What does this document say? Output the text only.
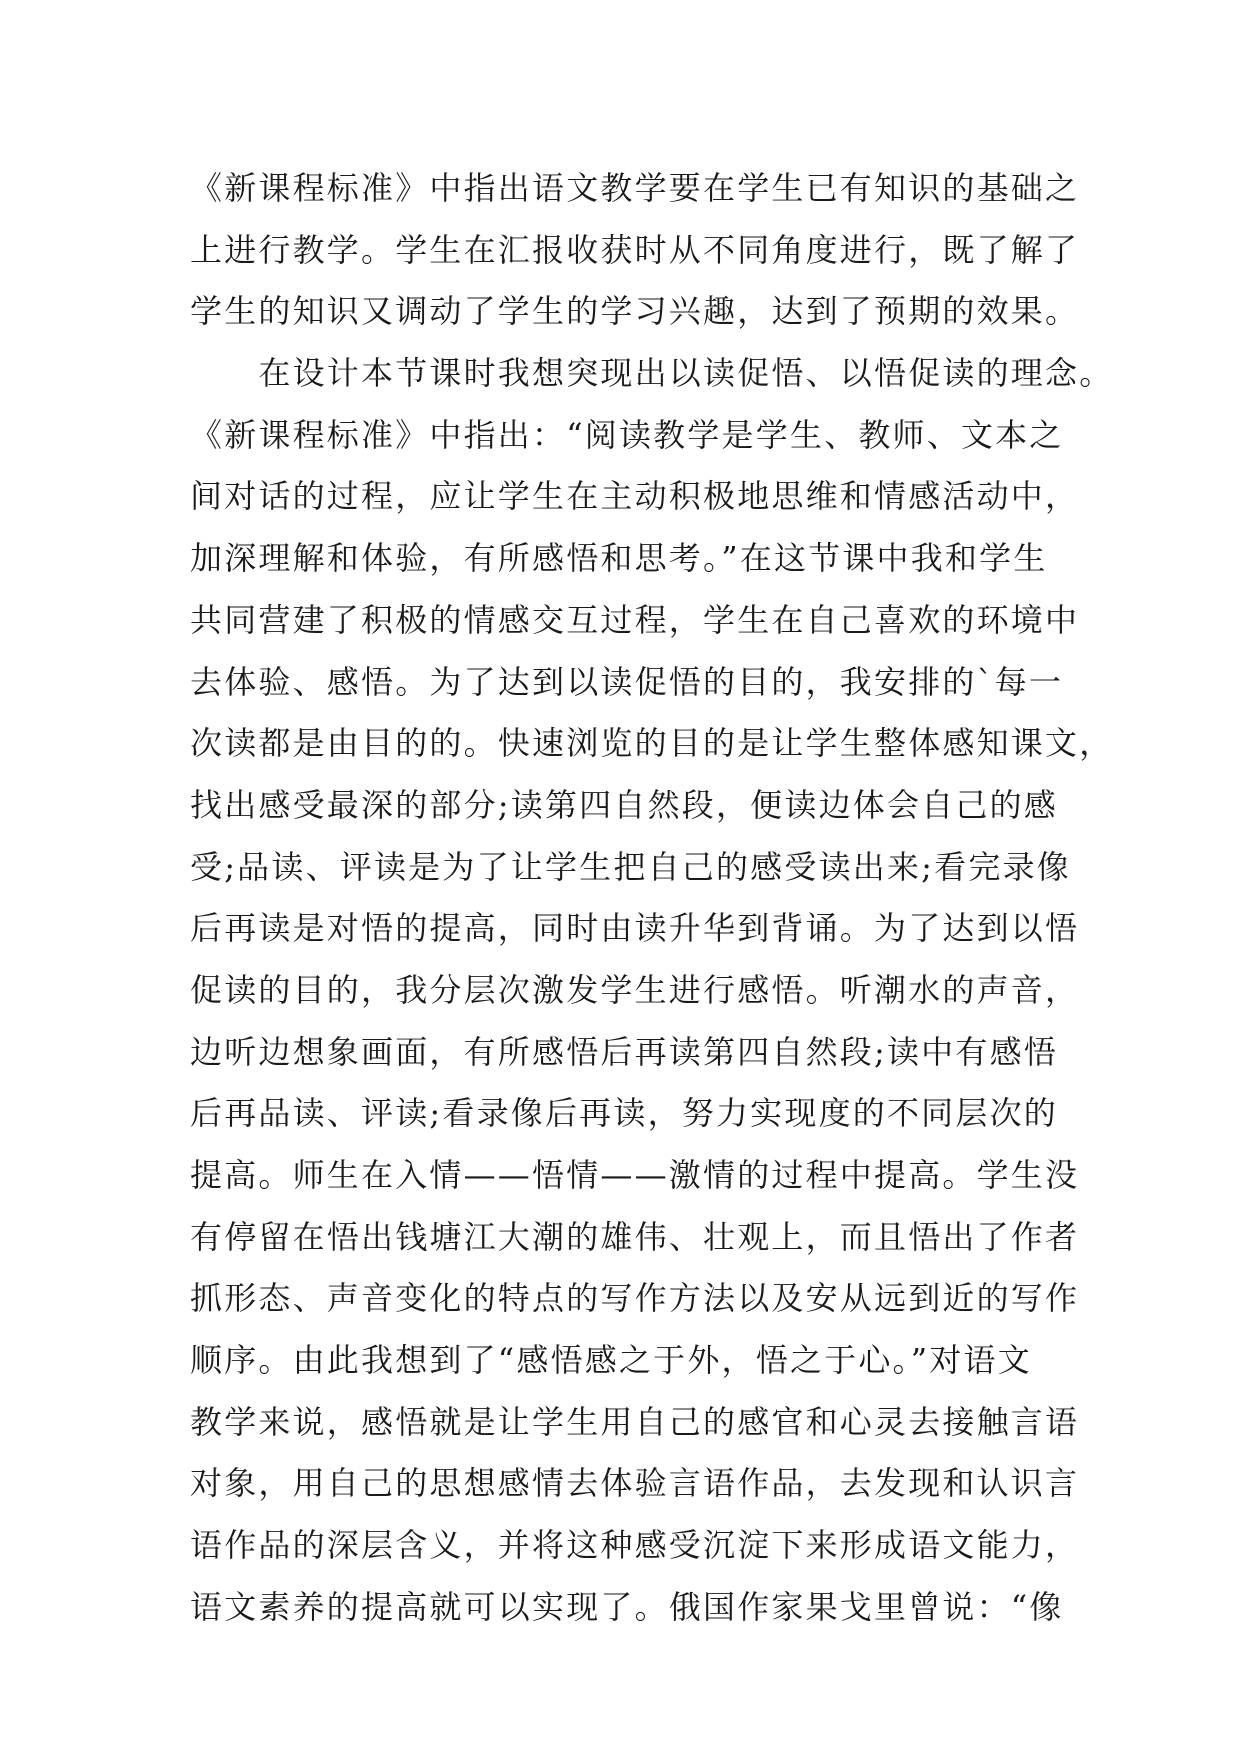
《新课程标准》中指出语文教学要在学生已有知识的基础之
上进行教学。学生在汇报收获时从不同角度进行，既了解了
学生的知识又调动了学生的学习兴趣，达到了预期的效果。
　　在设计本节课时我想突现出以读促悟、以悟促读的理念。
《新课程标准》中指出：“阅读教学是学生、教师、文本之
间对话的过程，应让学生在主动积极地思维和情感活动中，
加深理解和体验，有所感悟和思考。”在这节课中我和学生
共同营建了积极的情感交互过程，学生在自己喜欢的环境中
去体验、感悟。为了达到以读促悟的目的，我安排的`每一
次读都是由目的的。快速浏览的目的是让学生整体感知课文，
找出感受最深的部分;读第四自然段，便读边体会自己的感
受;品读、评读是为了让学生把自己的感受读出来;看完录像
后再读是对悟的提高，同时由读升华到背诵。为了达到以悟
促读的目的，我分层次激发学生进行感悟。听潮水的声音，
边听边想象画面，有所感悟后再读第四自然段;读中有感悟
后再品读、评读;看录像后再读，努力实现度的不同层次的
提高。师生在入情——悟情——激情的过程中提高。学生没
有停留在悟出钱塘江大潮的雄伟、壮观上，而且悟出了作者
抓形态、声音变化的特点的写作方法以及安从远到近的写作
顺序。由此我想到了“感悟感之于外，悟之于心。”对语文
教学来说，感悟就是让学生用自己的感官和心灵去接触言语
对象，用自己的思想感情去体验言语作品，去发现和认识言
语作品的深层含义，并将这种感受沉淀下来形成语文能力，
语文素养的提高就可以实现了。俄国作家果戈里曾说：“像
